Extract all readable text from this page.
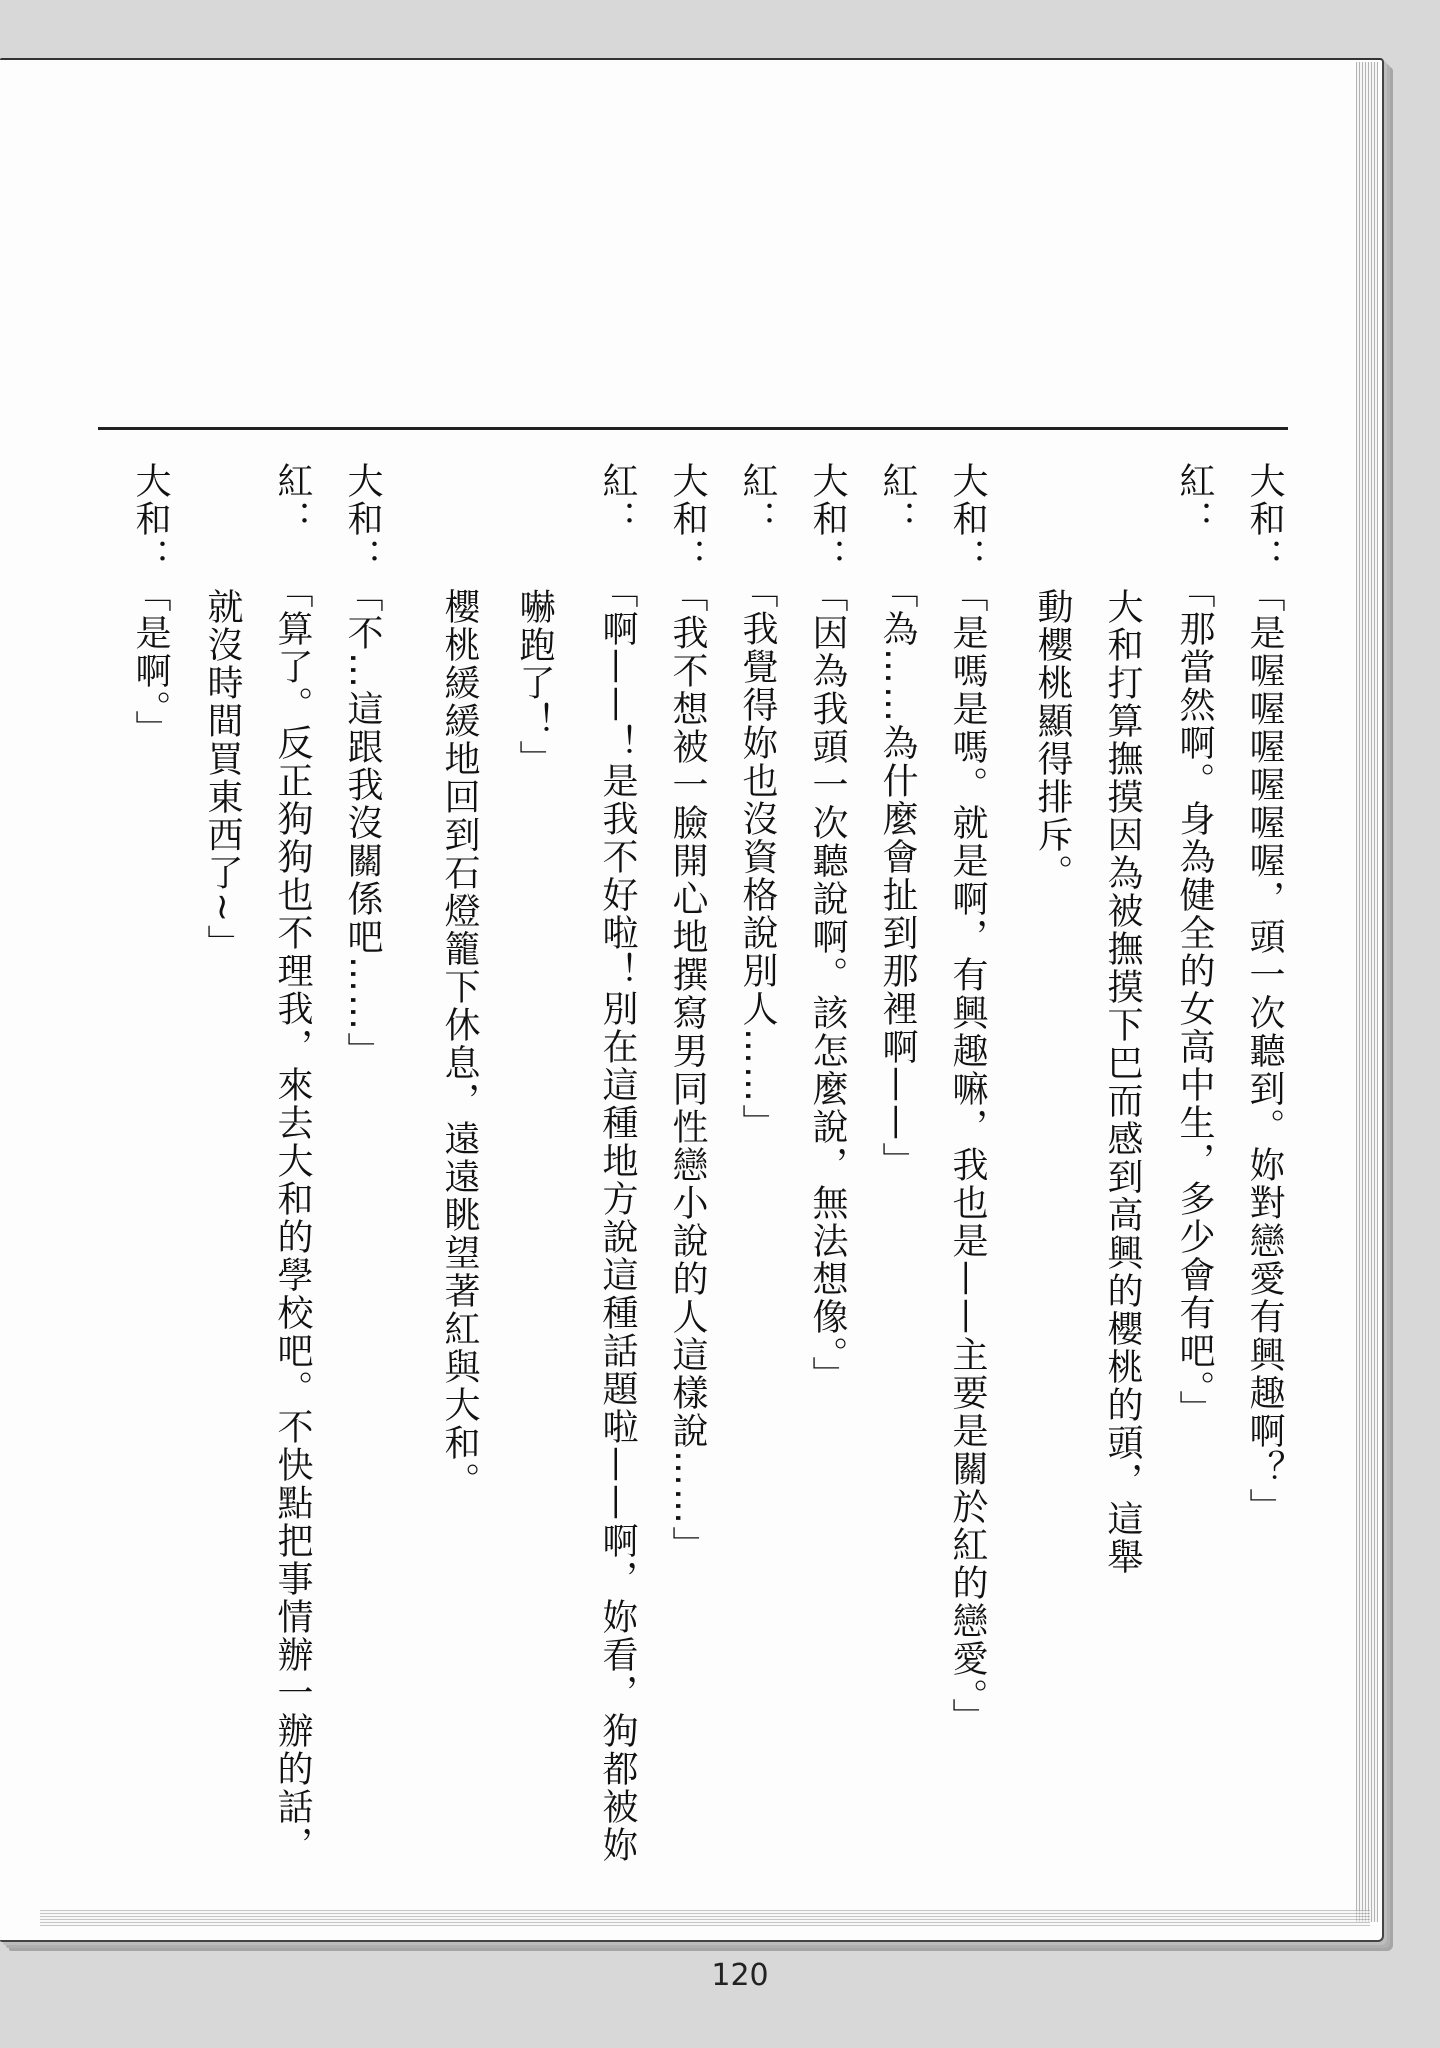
大和：「是喔喔喔喔喔喔，頭一次聽到。妳對戀愛有興趣啊？」
紅：「那當然啊。身為健全的女高中生，多少會有吧。」
大和打算撫摸因為被撫摸下巴而感到高興的櫻桃的頭，這舉
動櫻桃顯得排斥。
大和：「是嗎是嗎。就是啊，有興趣嘛，我也是——主要是關於紅的戀愛。」
紅：「為……為什麼會扯到那裡啊——」
大和：「因為我頭一次聽說啊。該怎麼說，無法想像。」
紅：「我覺得妳也沒資格說別人……」
大和：「我不想被一臉開心地撰寫男同性戀小說的人這樣說……」
紅：「啊——！是我不好啦！別在這種地方說這種話題啦——啊，妳看，狗都被妳
嚇跑了！」
櫻桃緩緩地回到石燈籠下休息，遠遠眺望著紅與大和。
大和：「不…這跟我沒關係吧……」
就沒時間買東西了~」
紅：「算了。反正狗狗也不理我，來去大和的學校吧。不快點把事情辦一辦的話，
大和：「是啊。」
120
